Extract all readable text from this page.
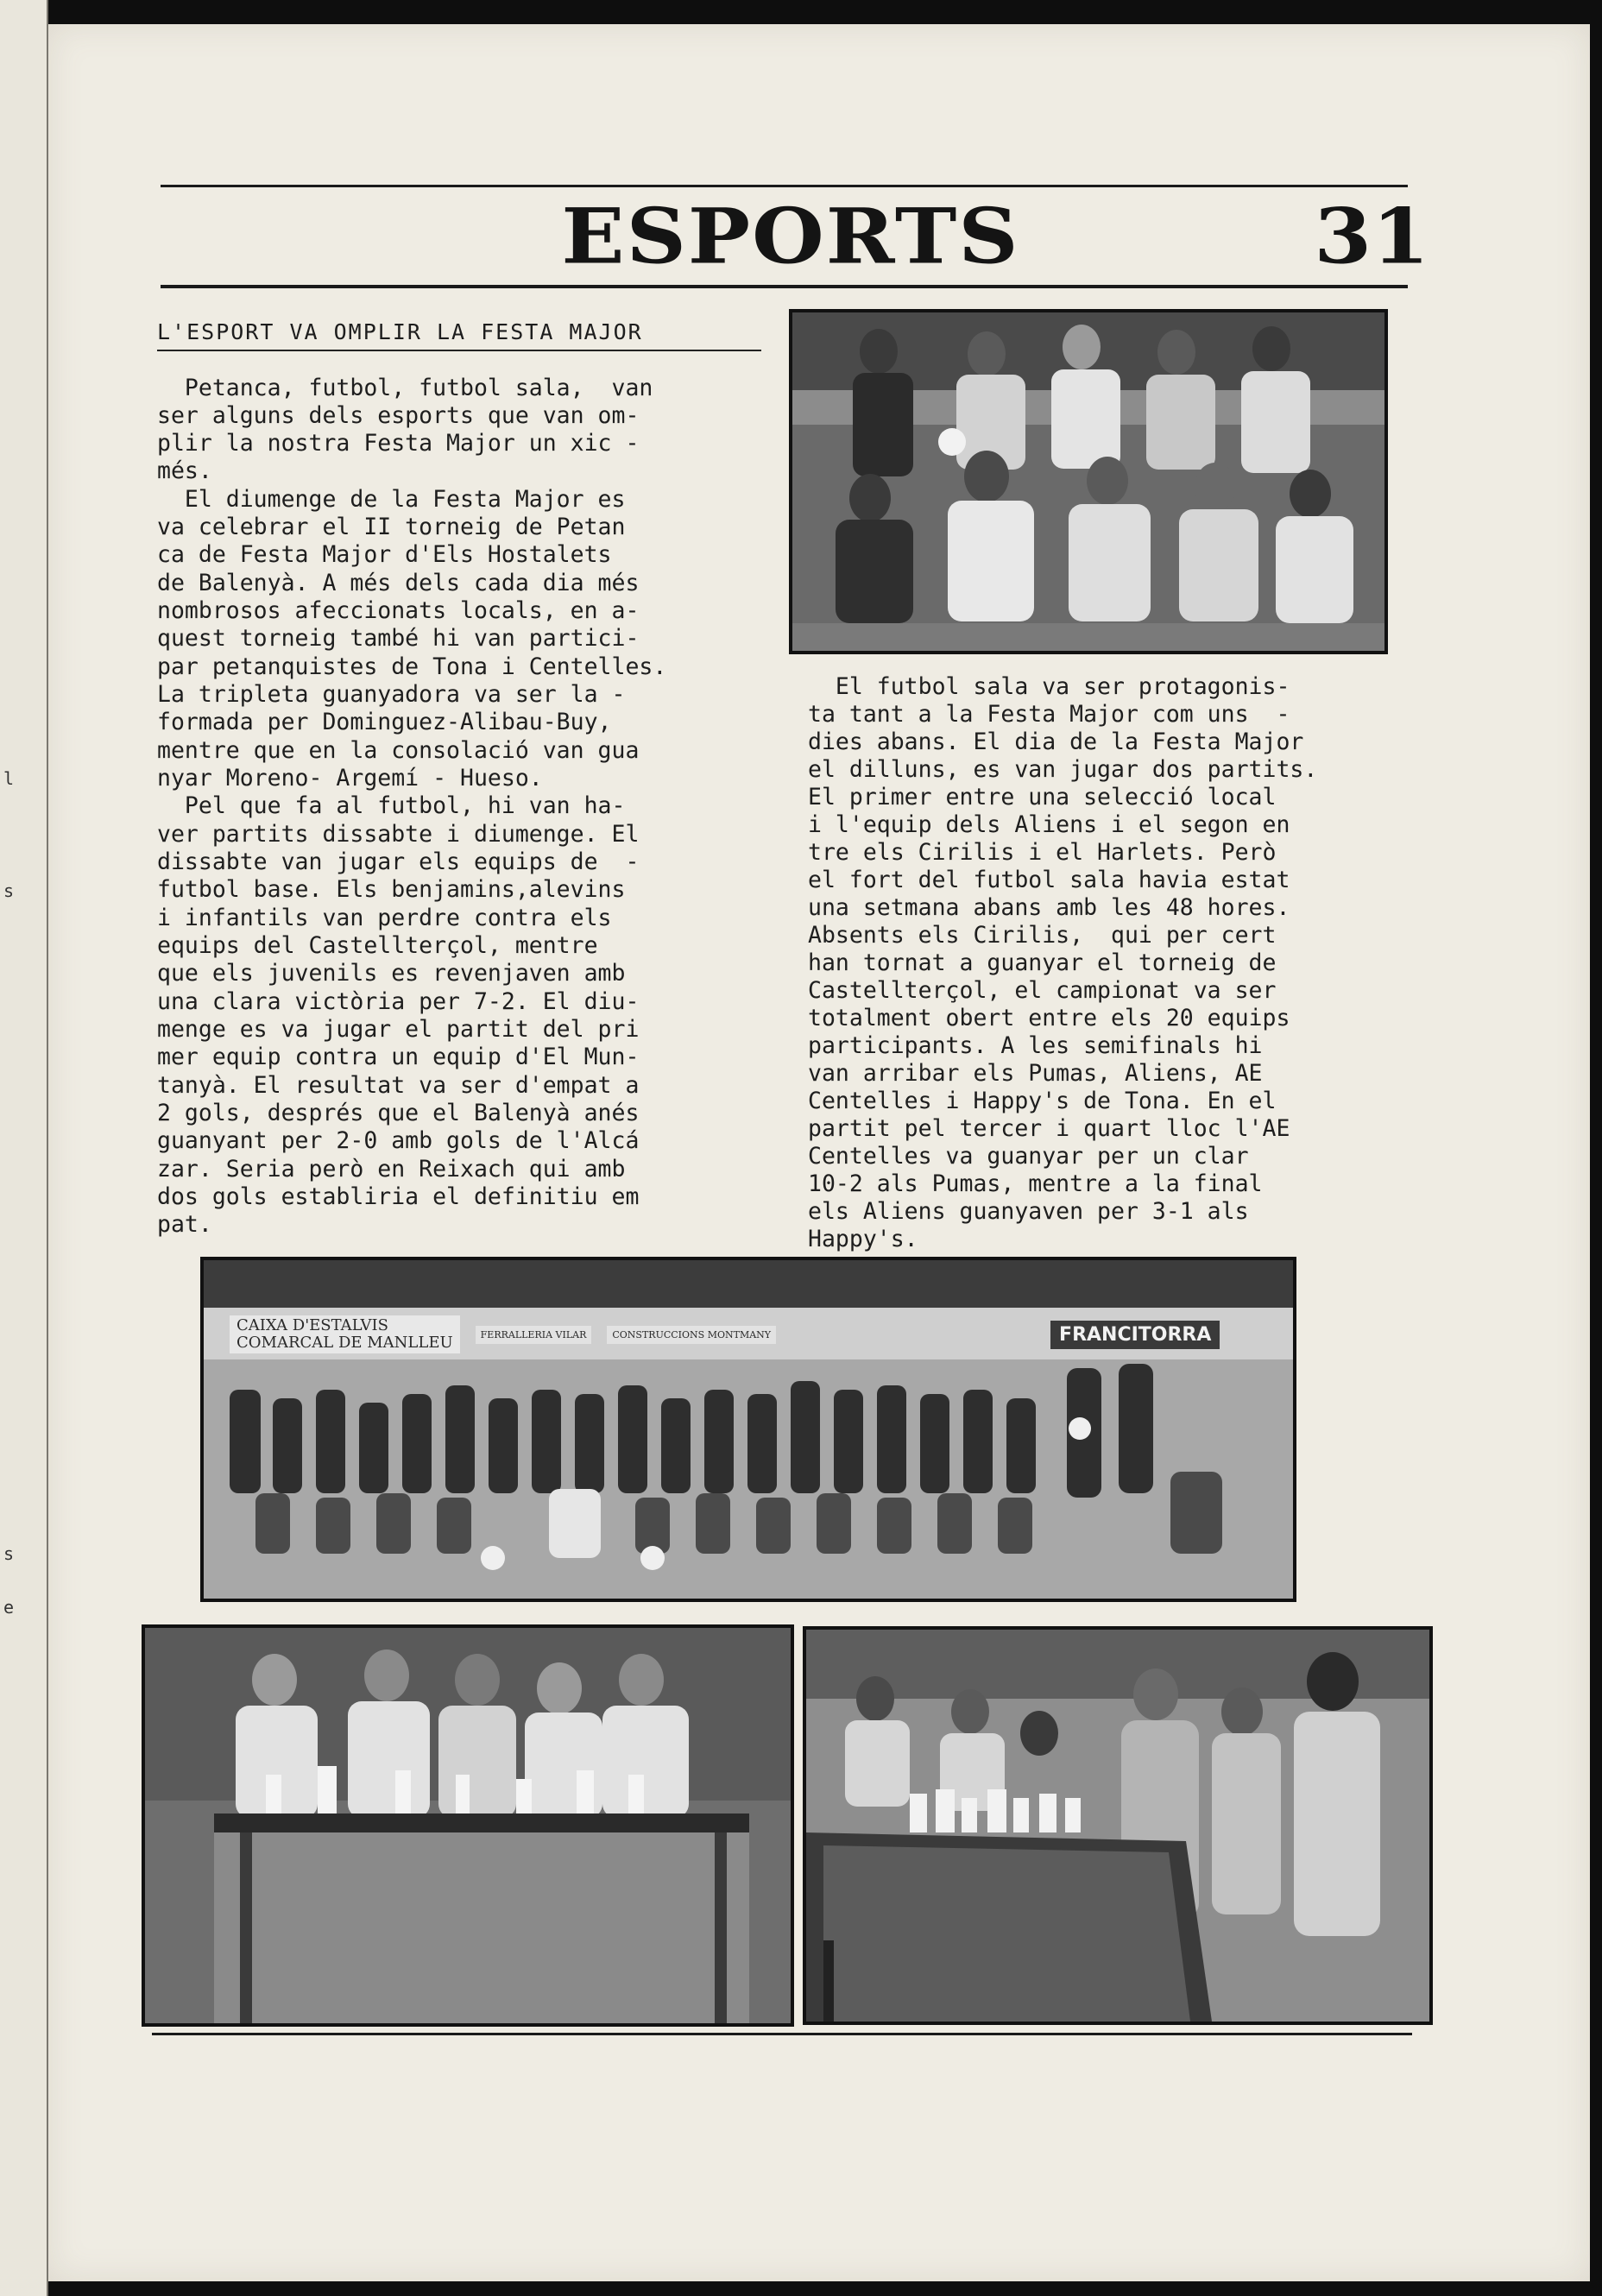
l
s
s
e
ESPORTS	31
L'ESPORT VA OMPLIR LA FESTA MAJOR
Petanca, futbol, futbol sala,  van
ser alguns dels esports que van om-
plir la nostra Festa Major un xic -
més.
El diumenge de la Festa Major es
va celebrar el II torneig de Petan
ca de Festa Major d'Els Hostalets
de Balenyà. A més dels cada dia més
nombrosos afeccionats locals, en a-
quest torneig també hi van partici-
par petanquistes de Tona i Centelles.
La tripleta guanyadora va ser la -
formada per Dominguez-Alibau-Buy,
mentre que en la consolació van gua
nyar Moreno- Argemí - Hueso.
Pel que fa al futbol, hi van ha-
ver partits dissabte i diumenge. El
dissabte van jugar els equips de  -
futbol base. Els benjamins,alevins
i infantils van perdre contra els
equips del Castellterçol, mentre
que els juvenils es revenjaven amb
una clara victòria per 7-2. El diu-
menge es va jugar el partit del pri
mer equip contra un equip d'El Mun-
tanyà. El resultat va ser d'empat a
2 gols, després que el Balenyà anés
guanyant per 2-0 amb gols de l'Alcá
zar. Seria però en Reixach qui amb
dos gols establiria el definitiu em
pat.
El futbol sala va ser protagonis-
ta tant a la Festa Major com uns  -
dies abans. El dia de la Festa Major
el dilluns, es van jugar dos partits.
El primer entre una selecció local
i l'equip dels Aliens i el segon en
tre els Cirilis i el Harlets. Però
el fort del futbol sala havia estat
una setmana abans amb les 48 hores.
Absents els Cirilis,  qui per cert
han tornat a guanyar el torneig de
Castellterçol, el campionat va ser
totalment obert entre els 20 equips
participants. A les semifinals hi
van arribar els Pumas, Aliens, AE
Centelles i Happy's de Tona. En el
partit pel tercer i quart lloc l'AE
Centelles va guanyar per un clar
10-2 als Pumas, mentre a la final
els Aliens guanyaven per 3-1 als
Happy's.
CAIXA D'ESTALVIS
COMARCAL DE MANLLEU	FERRALLERIA VILAR	CONSTRUCCIONS MONTMANY	FRANCITORRA
